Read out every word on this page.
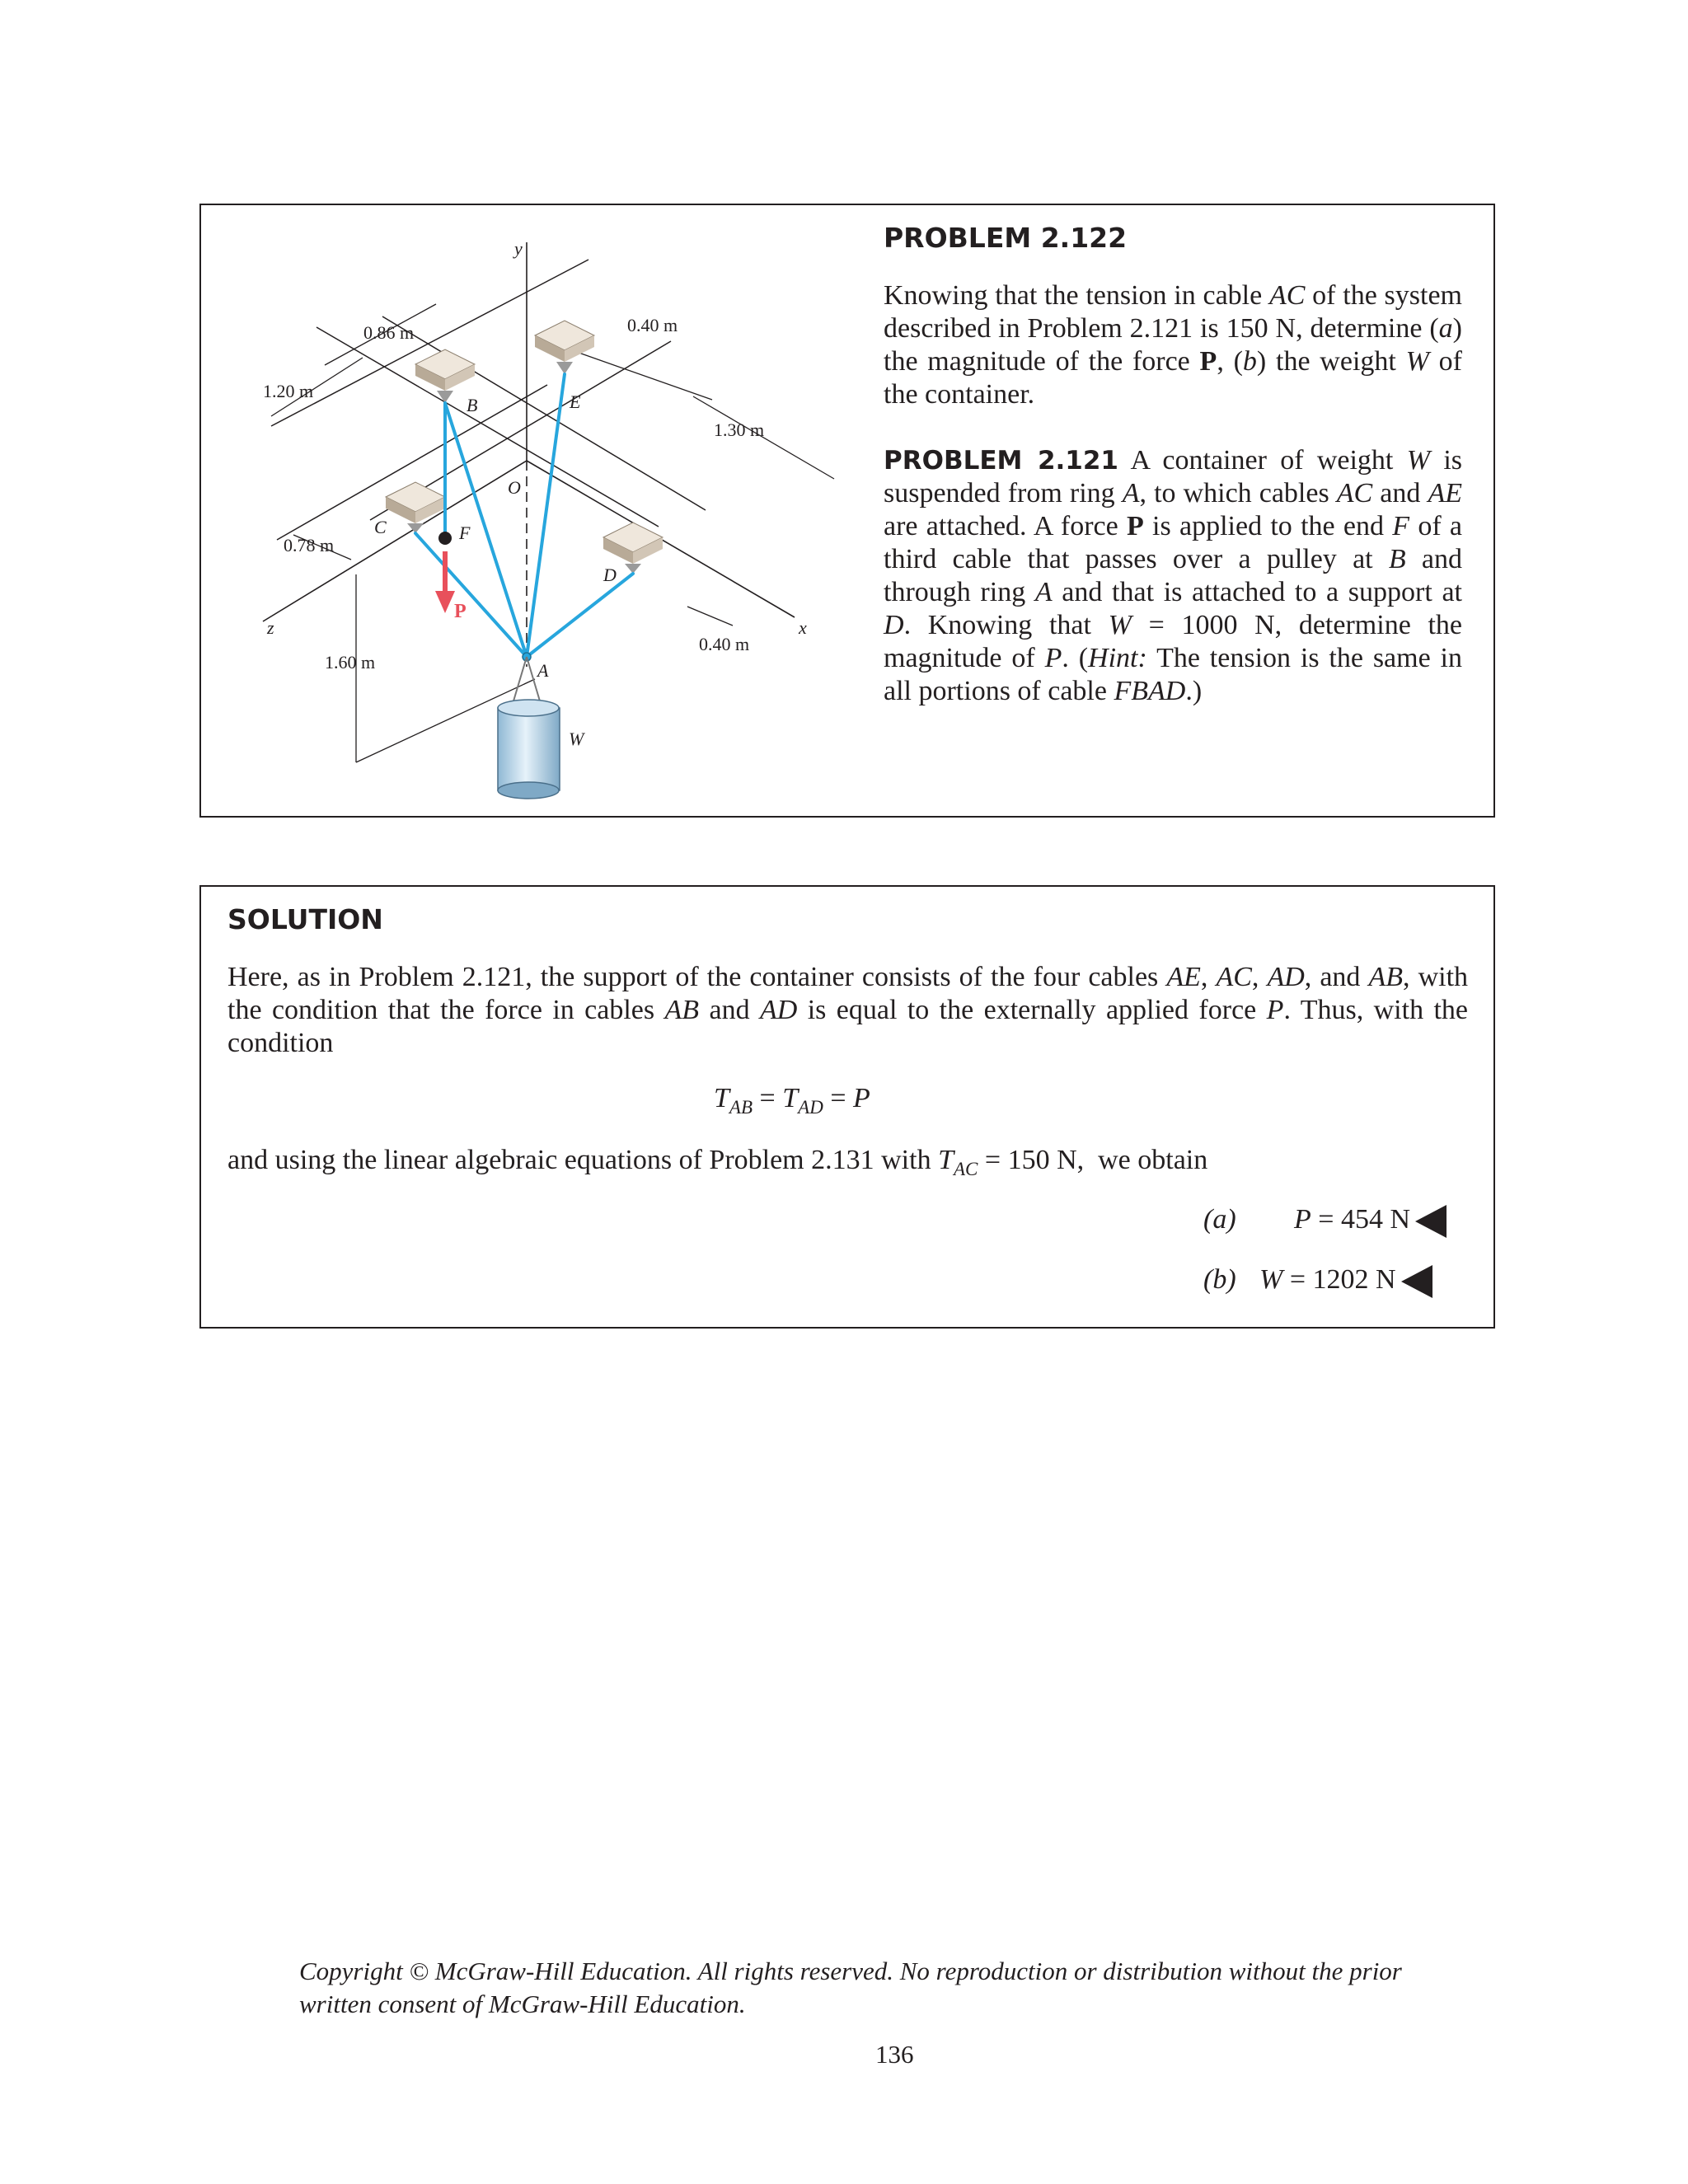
y
x
z
O
A
B
C
D
E
F
W
P
0.86 m	0.40 m
1.20 m
1.30 m
0.78 m
0.40 m
1.60 m
PROBLEM 2.122

Knowing that the tension in cable AC of the system described in Problem 2.121 is 150 N, determine (a) the magnitude of the force P, (b) the weight W of the container.

PROBLEM 2.121 A container of weight W is suspended from ring A, to which cables AC and AE are attached. A force P is applied to the end F of a third cable that passes over a pulley at B and through ring A and that is attached to a support at D. Knowing that W = 1000 N, determine the magnitude of P. (Hint: The tension is the same in all portions of cable FBAD.)

SOLUTION

Here, as in Problem 2.121, the support of the container consists of the four cables AE, AC, AD, and AB, with the condition that the force in cables AB and AD is equal to the externally applied force P. Thus, with the condition

$T_{AB} = T_{AD} = P$
and using the linear algebraic equations of Problem 2.131 with $T_{AC} = 150$ N,  we obtain
(a) P = 454 N
(b) W = 1202 N
Copyright © McGraw-Hill Education. All rights reserved. No reproduction or distribution without the prior
written consent of McGraw-Hill Education.
136
